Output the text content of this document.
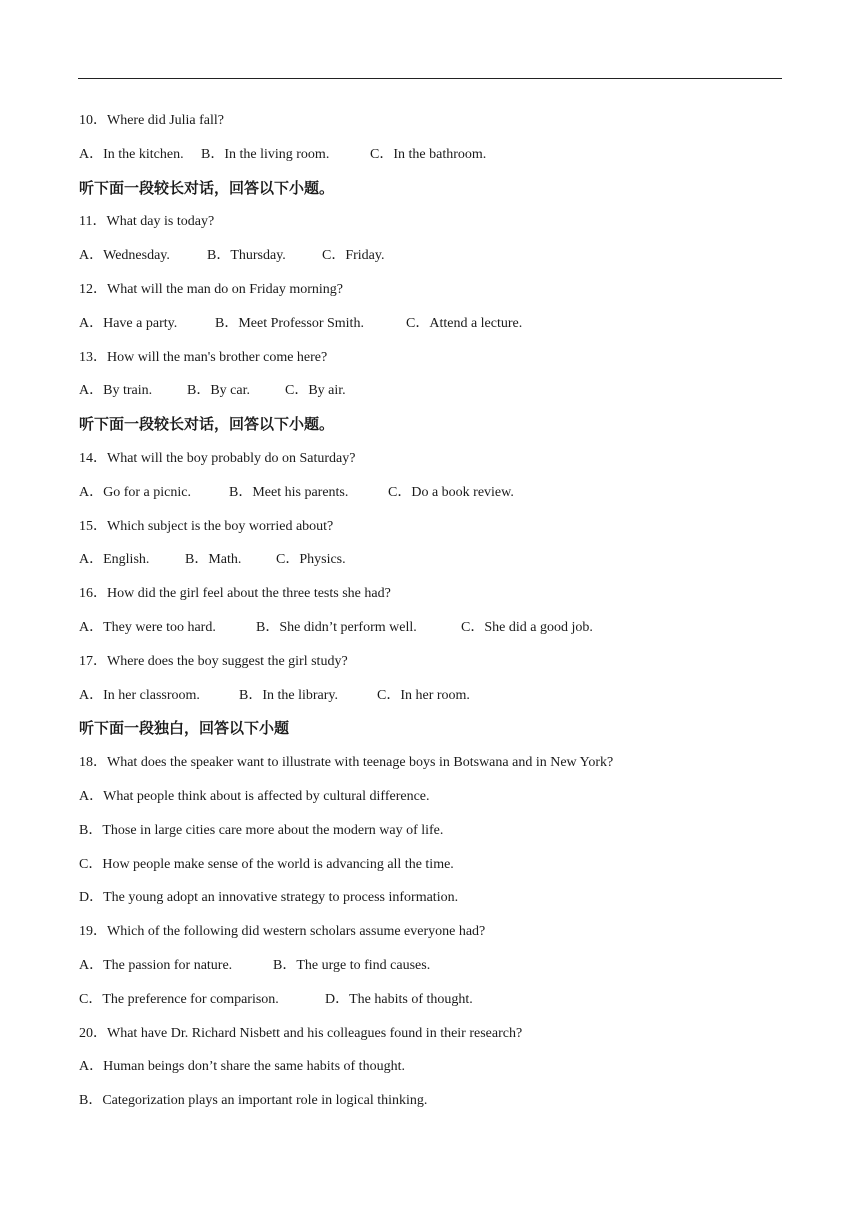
10．Where did Julia fall?
A．In the kitchen. B．In the living room.	C．In the bathroom.
听下面一段较长对话，回答以下小题。
11．What day is today?
A．Wednesday.	B．Thursday.	C．Friday.
12．What will the man do on Friday morning?
A．Have a party.	B．Meet Professor Smith.	C．Attend a lecture.
13．How will the man's brother come here?
A．By train. B．By car.	C．By air.
听下面一段较长对话，回答以下小题。
14．What will the boy probably do on Saturday?
A．Go for a picnic.	B．Meet his parents.	C．Do a book review.
15．Which subject is the boy worried about?
A．English.	B．Math. C．Physics.
16．How did the girl feel about the three tests she had?
A．They were too hard.	B．She didn’t perform well.	C．She did a good job.
17．Where does the boy suggest the girl study?
A．In her classroom.	B．In the library.	C．In her room.
听下面一段独白，回答以下小题
18．What does the speaker want to illustrate with teenage boys in Botswana and in New York?
A．What people think about is affected by cultural difference.
B．Those in large cities care more about the modern way of life.
C．How people make sense of the world is advancing all the time.
D．The young adopt an innovative strategy to process information.
19．Which of the following did western scholars assume everyone had?
A．The passion for nature.	B．The urge to find causes.
C．The preference for comparison.	D．The habits of thought.
20．What have Dr. Richard Nisbett and his colleagues found in their research?
A．Human beings don’t share the same habits of thought.
B．Categorization plays an important role in logical thinking.
